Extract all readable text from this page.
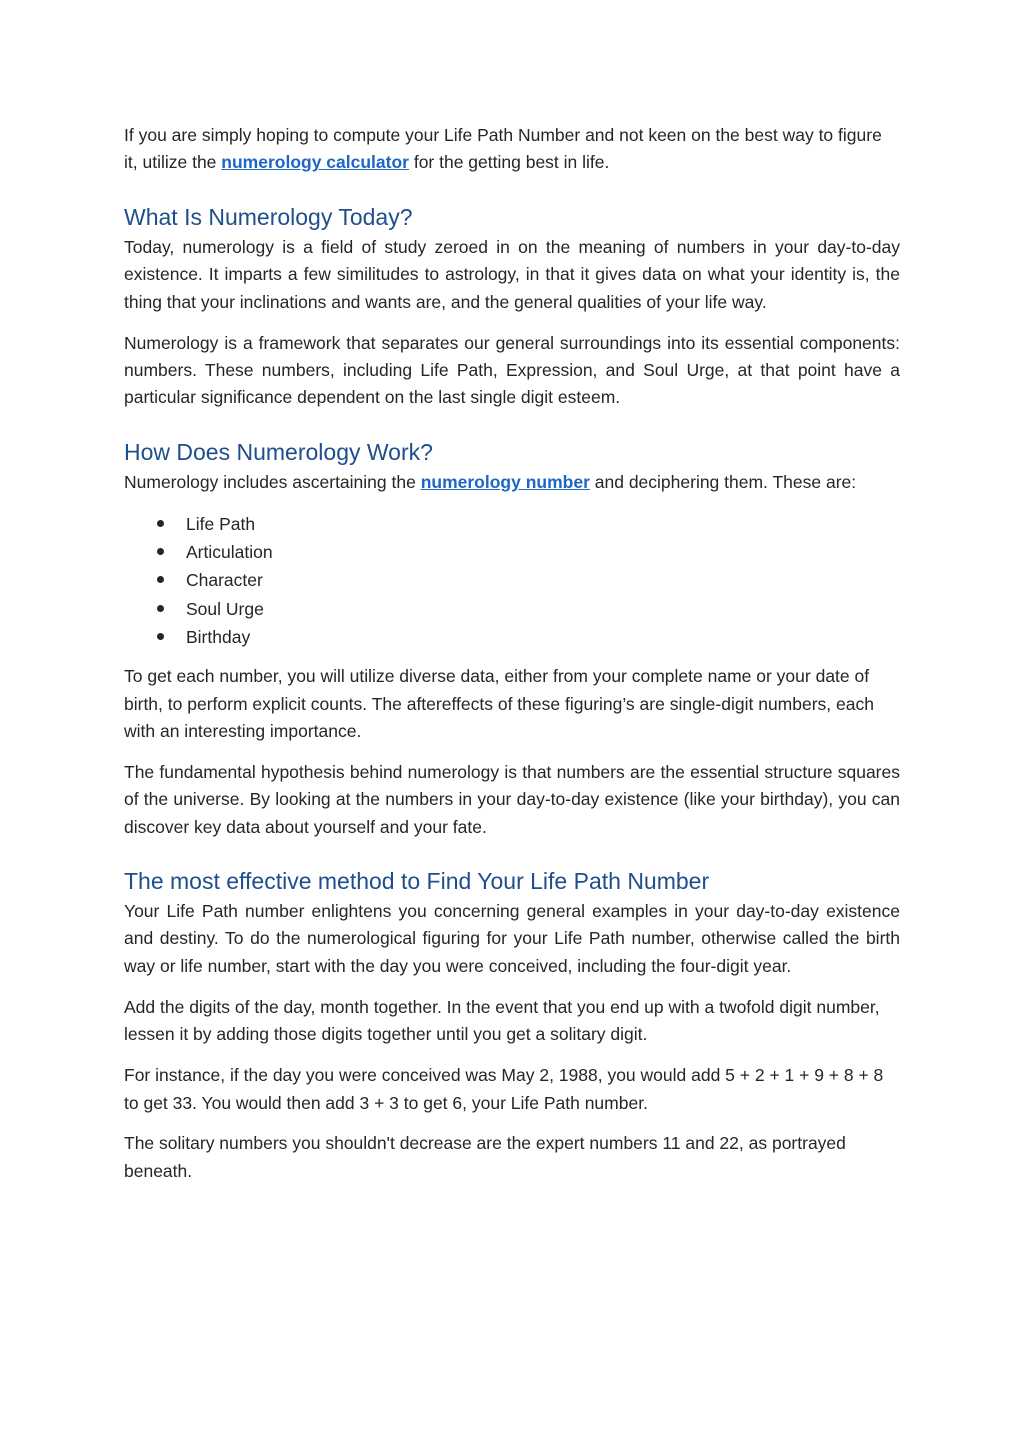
If you are simply hoping to compute your Life Path Number and not keen on the best way to figure it, utilize the numerology calculator for the getting best in life.

What Is Numerology Today?

Today, numerology is a field of study zeroed in on the meaning of numbers in your day-to-day existence. It imparts a few similitudes to astrology, in that it gives data on what your identity is, the thing that your inclinations and wants are, and the general qualities of your life way.

Numerology is a framework that separates our general surroundings into its essential components: numbers. These numbers, including Life Path, Expression, and Soul Urge, at that point have a particular significance dependent on the last single digit esteem.

How Does Numerology Work?

Numerology includes ascertaining the numerology number and deciphering them. These are:

Life Path
Articulation
Character
Soul Urge
Birthday

To get each number, you will utilize diverse data, either from your complete name or your date of birth, to perform explicit counts. The aftereffects of these figuring’s are single-digit numbers, each with an interesting importance.

The fundamental hypothesis behind numerology is that numbers are the essential structure squares of the universe. By looking at the numbers in your day-to-day existence (like your birthday), you can discover key data about yourself and your fate.

The most effective method to Find Your Life Path Number

Your Life Path number enlightens you concerning general examples in your day-to-day existence and destiny. To do the numerological figuring for your Life Path number, otherwise called the birth way or life number, start with the day you were conceived, including the four-digit year.

Add the digits of the day, month together. In the event that you end up with a twofold digit number, lessen it by adding those digits together until you get a solitary digit.

For instance, if the day you were conceived was May 2, 1988, you would add 5 + 2 + 1 + 9 + 8 + 8 to get 33. You would then add 3 + 3 to get 6, your Life Path number.

The solitary numbers you shouldn't decrease are the expert numbers 11 and 22, as portrayed beneath.
